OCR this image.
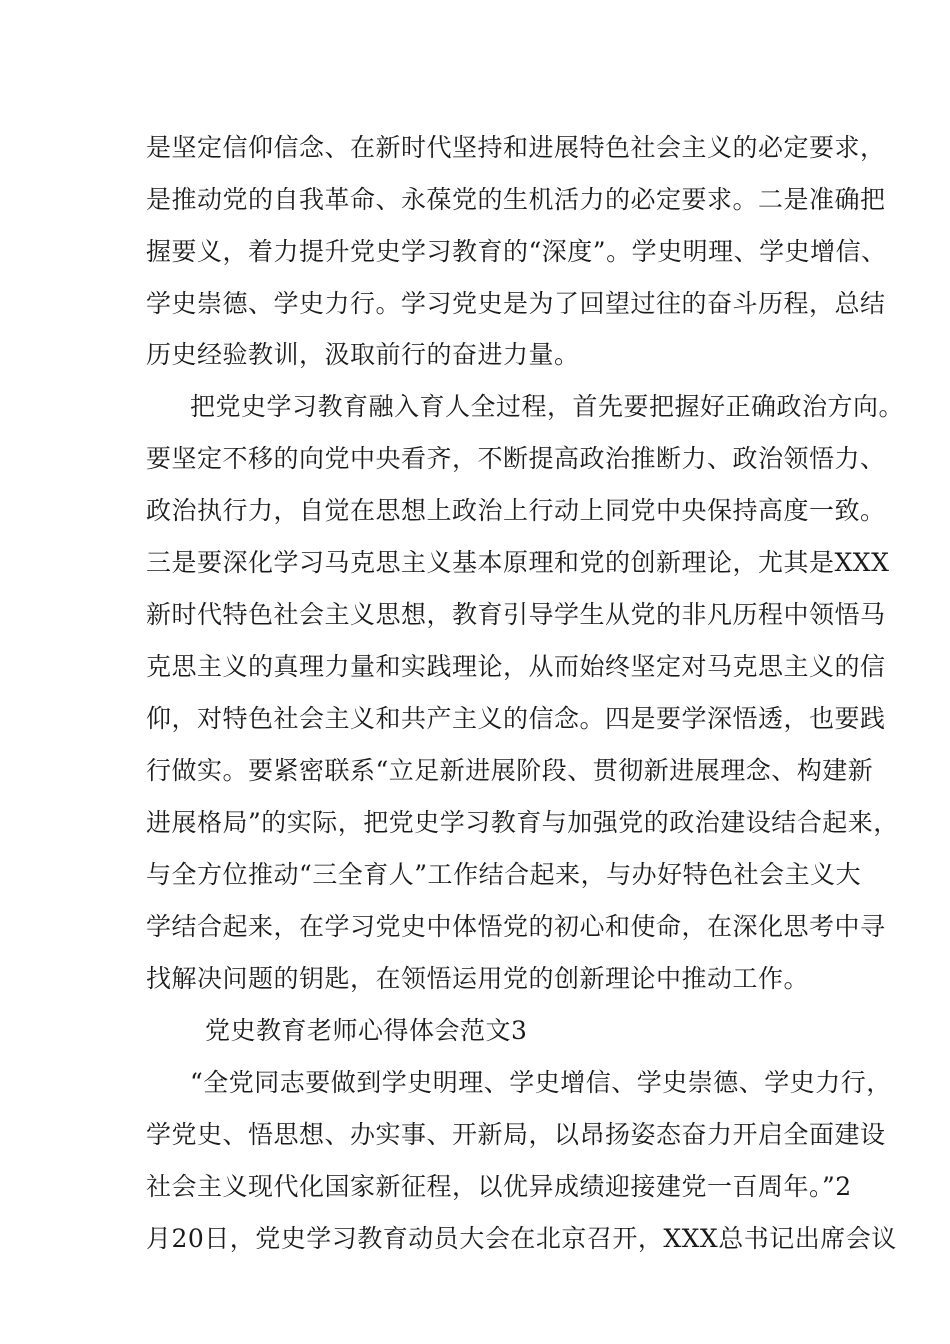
是坚定信仰信念、在新时代坚持和进展特色社会主义的必定要求，
是推动党的自我革命、永葆党的生机活力的必定要求。二是准确把
握要义，着力提升党史学习教育的“深度”。学史明理、学史增信、
学史崇德、学史力行。学习党史是为了回望过往的奋斗历程，总结
历史经验教训，汲取前行的奋进力量。
把党史学习教育融入育人全过程，首先要把握好正确政治方向。
要坚定不移的向党中央看齐，不断提高政治推断力、政治领悟力、
政治执行力，自觉在思想上政治上行动上同党中央保持高度一致。
三是要深化学习马克思主义基本原理和党的创新理论，尤其是XXX
新时代特色社会主义思想，教育引导学生从党的非凡历程中领悟马
克思主义的真理力量和实践理论，从而始终坚定对马克思主义的信
仰，对特色社会主义和共产主义的信念。四是要学深悟透，也要践
行做实。要紧密联系“立足新进展阶段、贯彻新进展理念、构建新
进展格局”的实际，把党史学习教育与加强党的政治建设结合起来，
与全方位推动“三全育人”工作结合起来，与办好特色社会主义大
学结合起来，在学习党史中体悟党的初心和使命，在深化思考中寻
找解决问题的钥匙，在领悟运用党的创新理论中推动工作。
党史教育老师心得体会范文3
“全党同志要做到学史明理、学史增信、学史崇德、学史力行，
学党史、悟思想、办实事、开新局，以昂扬姿态奋力开启全面建设
社会主义现代化国家新征程，以优异成绩迎接建党一百周年。”2
月20日，党史学习教育动员大会在北京召开，XXX总书记出席会议
